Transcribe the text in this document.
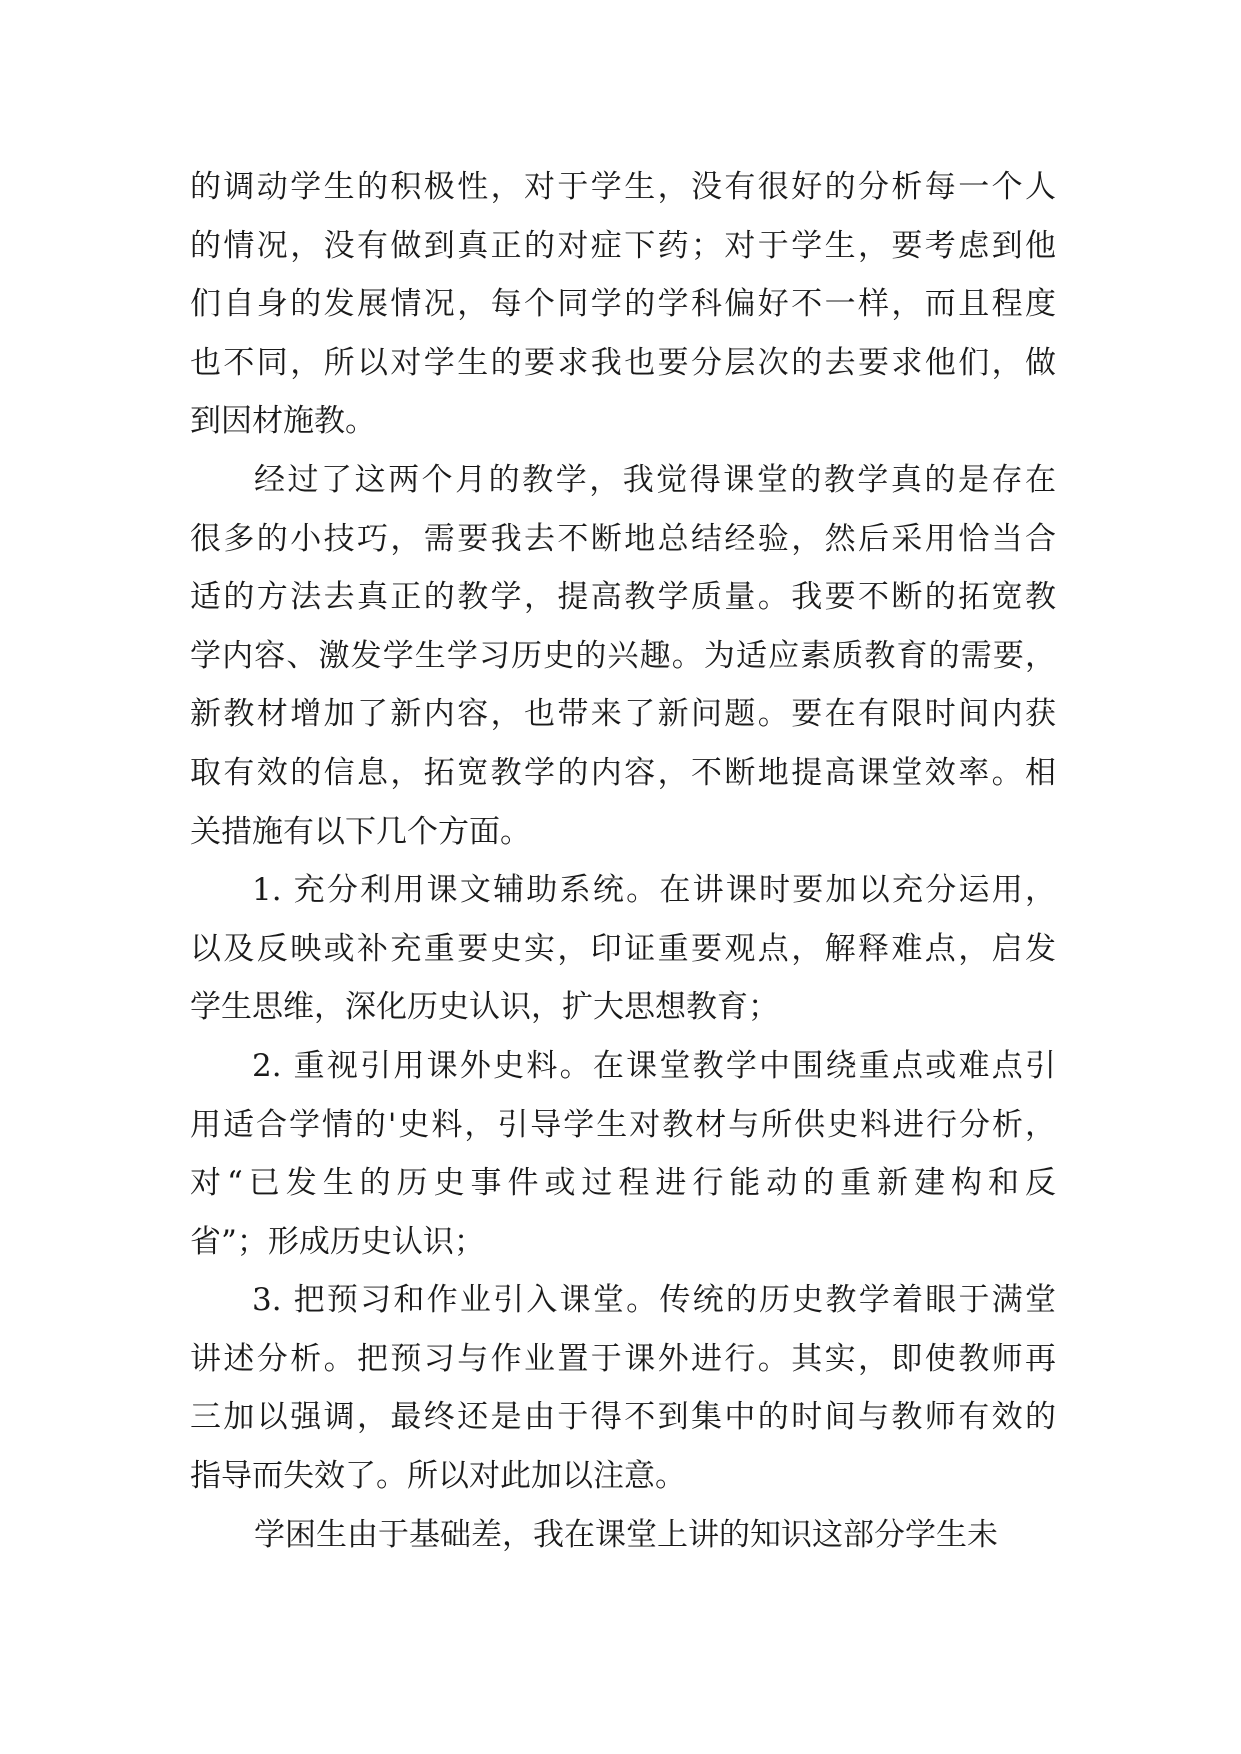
的调动学生的积极性，对于学生，没有很好的分析每一个人
的情况，没有做到真正的对症下药；对于学生，要考虑到他
们自身的发展情况，每个同学的学科偏好不一样，而且程度
也不同，所以对学生的要求我也要分层次的去要求他们，做
到因材施教。
经过了这两个月的教学，我觉得课堂的教学真的是存在
很多的小技巧，需要我去不断地总结经验，然后采用恰当合
适的方法去真正的教学，提高教学质量。我要不断的拓宽教
学内容、激发学生学习历史的兴趣。为适应素质教育的需要，
新教材增加了新内容，也带来了新问题。要在有限时间内获
取有效的信息，拓宽教学的内容，不断地提高课堂效率。相
关措施有以下几个方面。
1. 充分利用课文辅助系统。在讲课时要加以充分运用，
以及反映或补充重要史实，印证重要观点，解释难点，启发
学生思维，深化历史认识，扩大思想教育；
2. 重视引用课外史料。在课堂教学中围绕重点或难点引
用适合学情的'史料，引导学生对教材与所供史料进行分析，
对“已发生的历史事件或过程进行能动的重新建构和反
省”；形成历史认识；
3. 把预习和作业引入课堂。传统的历史教学着眼于满堂
讲述分析。把预习与作业置于课外进行。其实，即使教师再
三加以强调，最终还是由于得不到集中的时间与教师有效的
指导而失效了。所以对此加以注意。
学困生由于基础差，我在课堂上讲的知识这部分学生未
